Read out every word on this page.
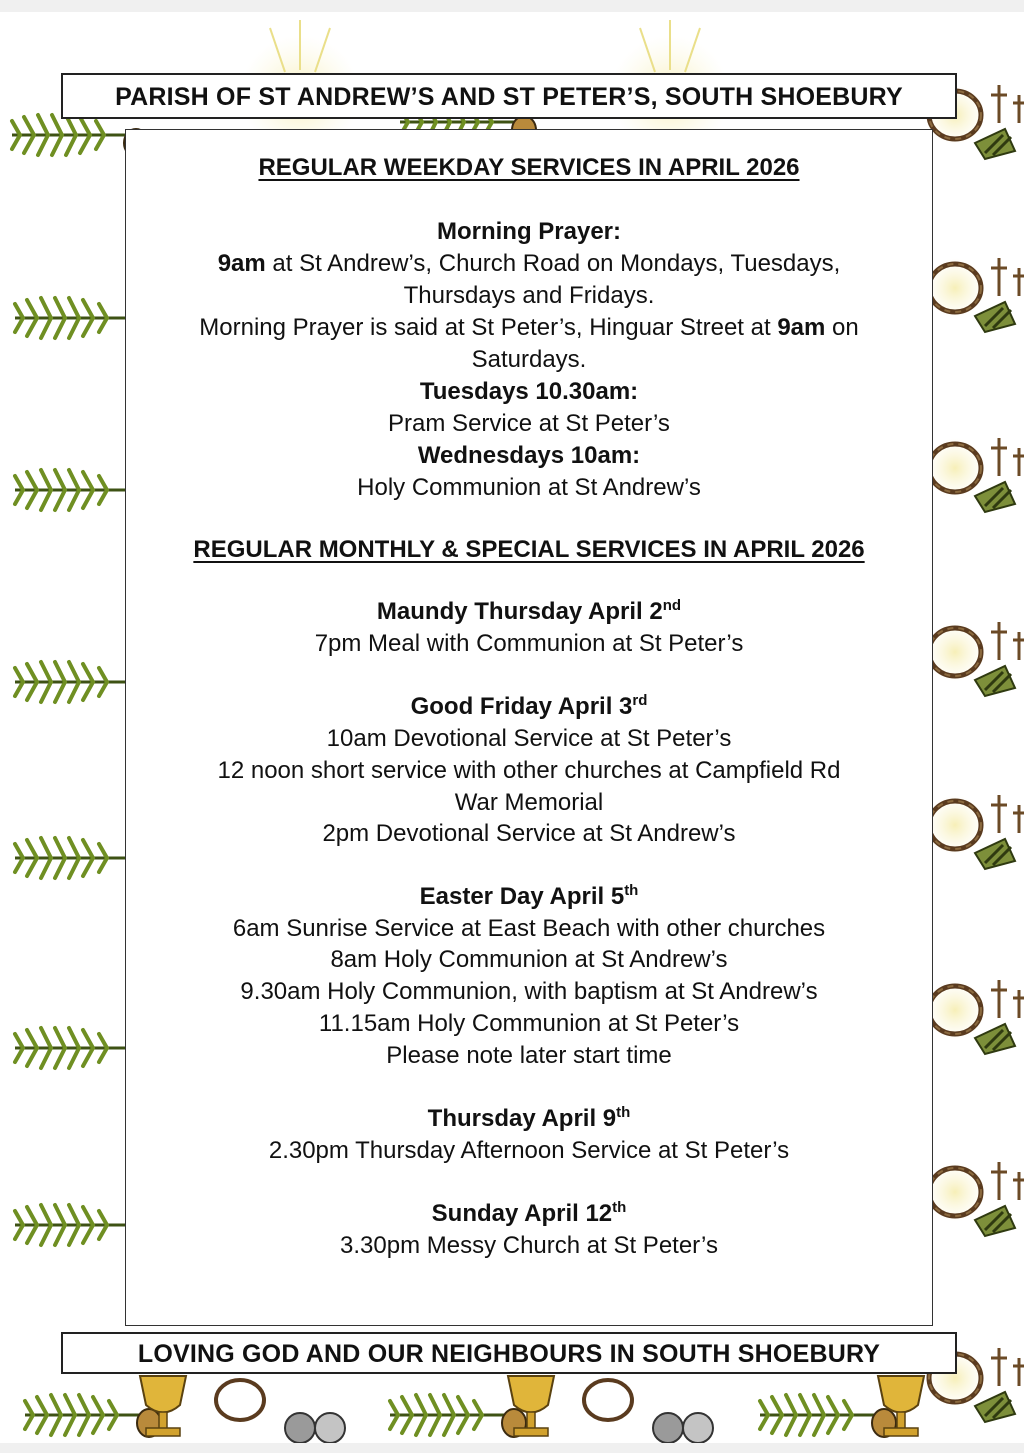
PARISH OF ST ANDREW’S AND ST PETER’S, SOUTH SHOEBURY
REGULAR WEEKDAY SERVICES IN APRIL 2026
Morning Prayer:
9am at St Andrew’s, Church Road on Mondays, Tuesdays,
Thursdays and Fridays.
Morning Prayer is said at St Peter’s, Hinguar Street at 9am on
Saturdays.
Tuesdays 10.30am:
Pram Service at St Peter’s
Wednesdays 10am:
Holy Communion at St Andrew’s
REGULAR MONTHLY & SPECIAL SERVICES IN APRIL 2026
Maundy Thursday April 2nd
7pm Meal with Communion at St Peter’s
Good Friday April 3rd
10am Devotional Service at St Peter’s
12 noon short service with other churches at Campfield Rd
War Memorial
2pm Devotional Service at St Andrew’s
Easter Day April 5th
6am Sunrise Service at East Beach with other churches
8am Holy Communion at St Andrew’s
9.30am Holy Communion, with baptism at St Andrew’s
11.15am Holy Communion at St Peter’s
Please note later start time
Thursday April 9th
2.30pm Thursday Afternoon Service at St Peter’s
Sunday April 12th
3.30pm Messy Church at St Peter’s
LOVING GOD AND OUR NEIGHBOURS IN SOUTH SHOEBURY
